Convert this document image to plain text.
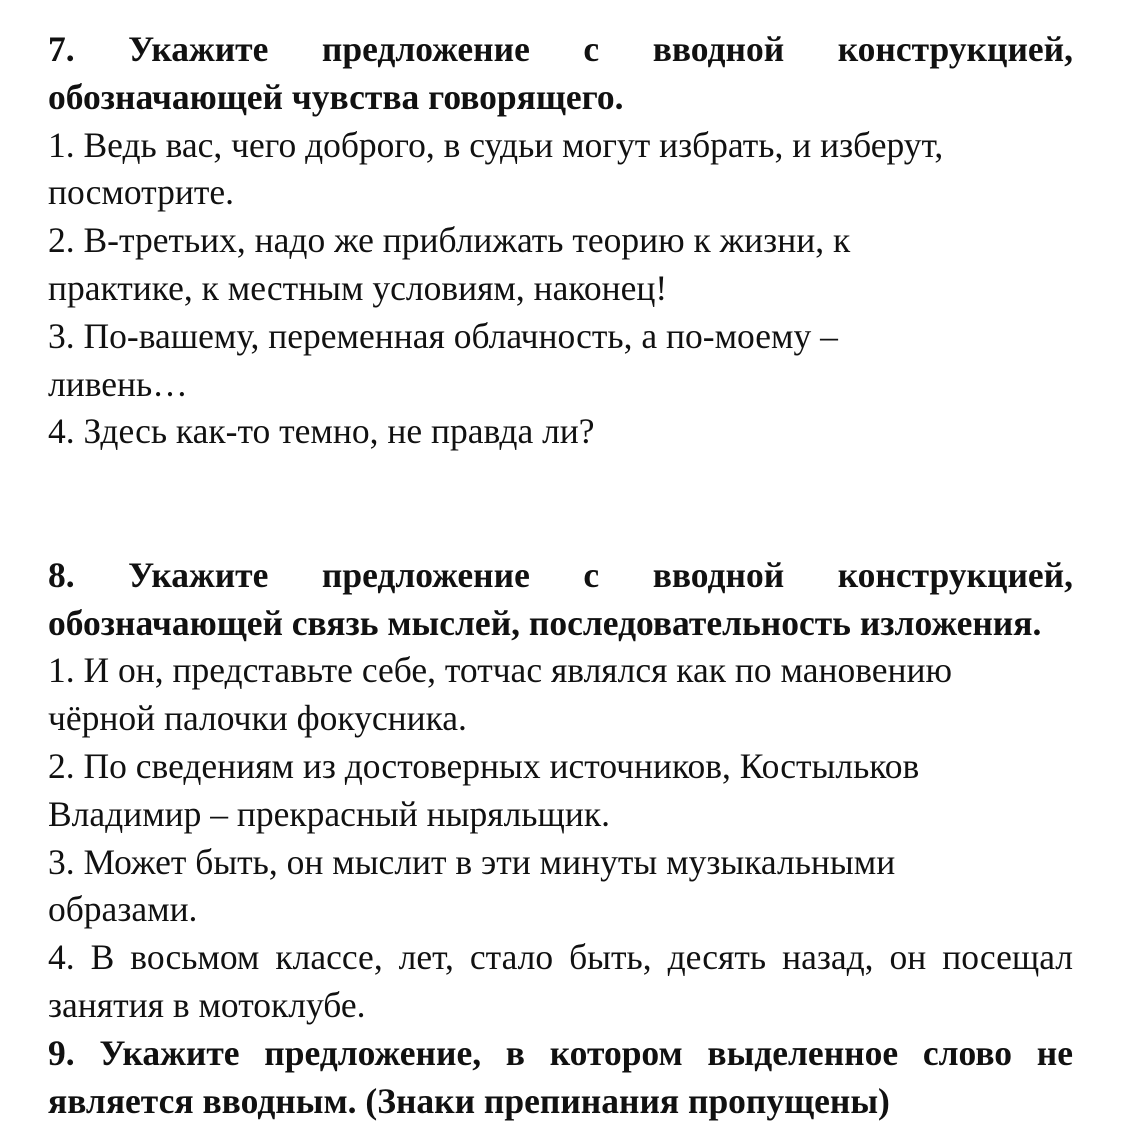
7. Укажите предложение с вводной конструкцией, обозначающей чувства говорящего.

1. Ведь вас, чего доброго, в судьи могут избрать, и изберут, посмотрите.

2. В-третьих, надо же приближать теорию к жизни, к практике, к местным условиям, наконец!

3. По-вашему, переменная облачность, а по-моему – ливень…

4. Здесь как-то темно, не правда ли?

8. Укажите предложение с вводной конструкцией, обозначающей связь мыслей, последовательность изложения.

1. И он, представьте себе, тотчас являлся как по мановению чёрной палочки фокусника.

2. По сведениям из достоверных источников, Костыльков Владимир – прекрасный ныряльщик.

3. Может быть, он мыслит в эти минуты музыкальными образами.

4. В восьмом классе, лет, стало быть, десять назад, он посещал занятия в мотоклубе.

9. Укажите предложение, в котором выделенное слово не является вводным. (Знаки препинания пропущены)
